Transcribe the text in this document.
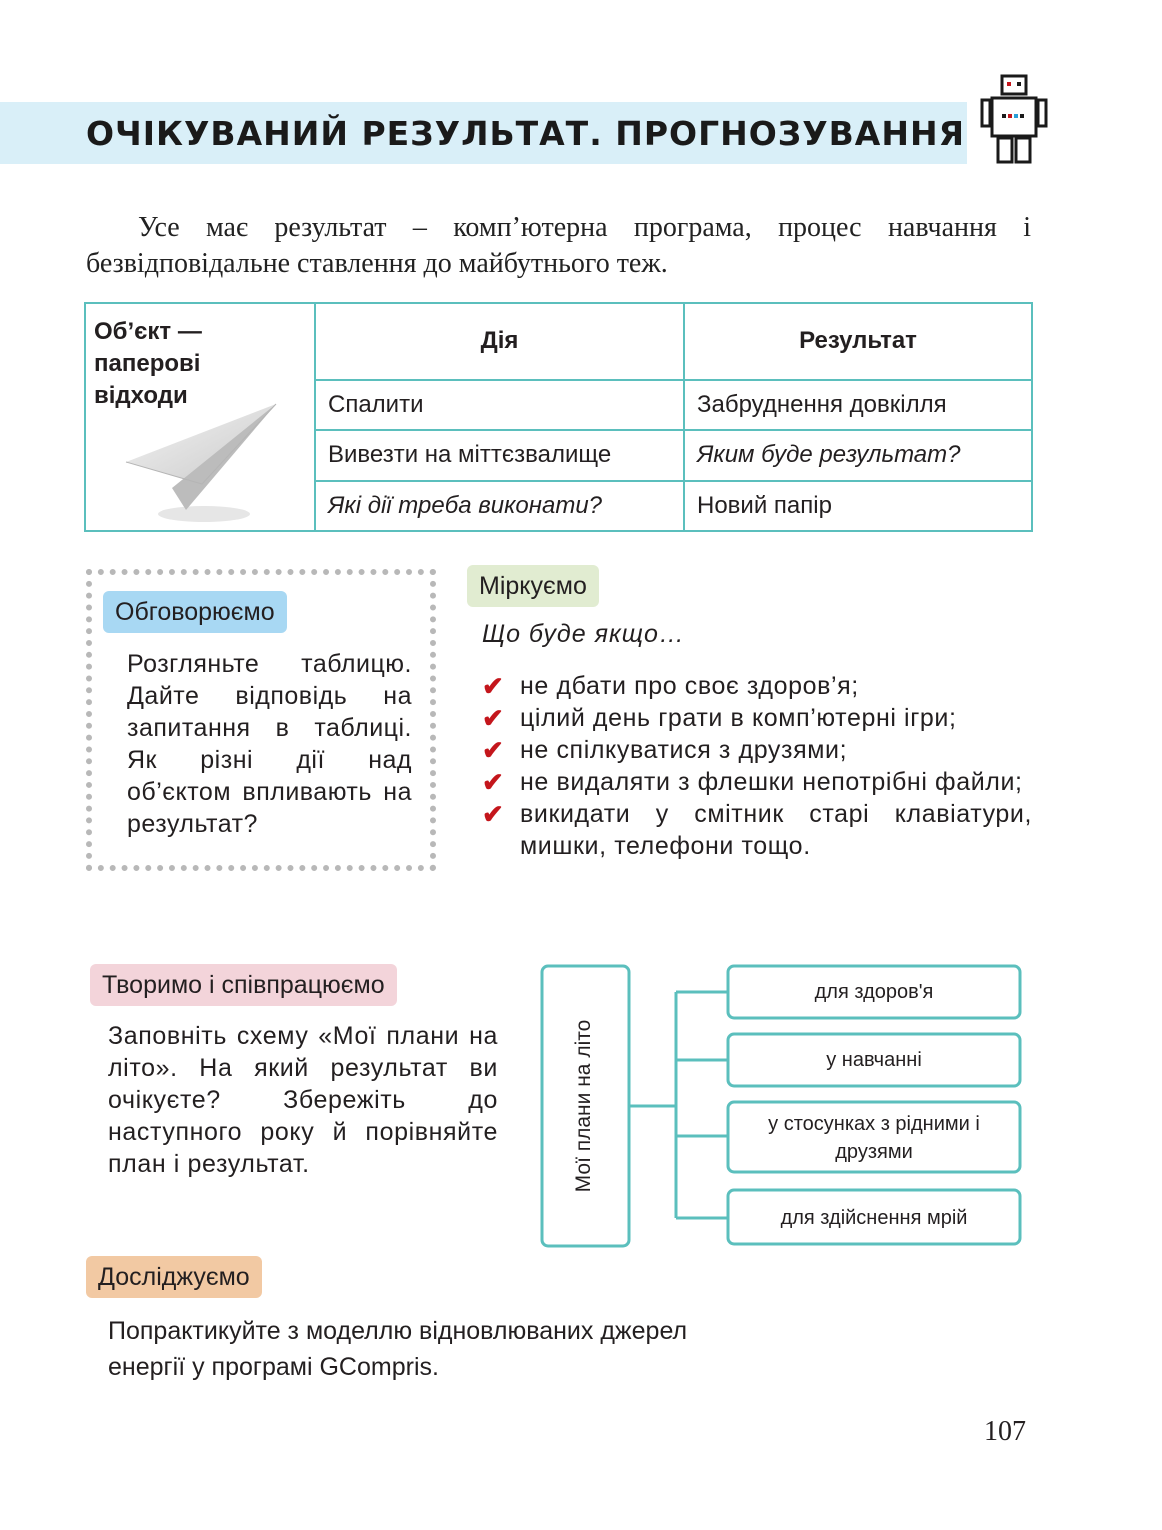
ОЧІКУВАНИЙ РЕЗУЛЬТАТ. ПРОГНОЗУВАННЯ

Усе має результат – комп’ютерна програма, процес навчання і безвідповідальне ставлення до майбутнього теж.

Об’єкт — паперові відходи	Дія	Результат
	Спалити	Забруднення довкілля
	Вивезти на міттєзвалище	Яким буде результат?
	Які дії треба виконати?	Новий папір
Обговорюємо

Розгляньте таблицю. Дайте відповідь на запитання в таблиці. Як різні дії над об’єктом впливають на результат?

Міркуємо
Що буде якщо…
✔ не дбати про своє здоров’я;
✔ цілий день грати в комп’ютерні ігри;
✔ не спілкуватися з друзями;
✔ не видаляти з флешки непотрібні файли;
✔ викидати у смітник старі клавіатури, мишки, телефони тощо.
Творимо і співпрацюємо

Заповніть схему «Мої плани на літо». На який результат ви очікуєте? Збережіть до наступного року й порівняйте план і результат.	Мої плани на літо
для здоров'я
у навчанні
у стосунках з рідними і друзями
для здійснення мрій
Досліджуємо

Попрактикуйте з моделлю відновлюваних джерел енергії у програмі GCompris.

107
